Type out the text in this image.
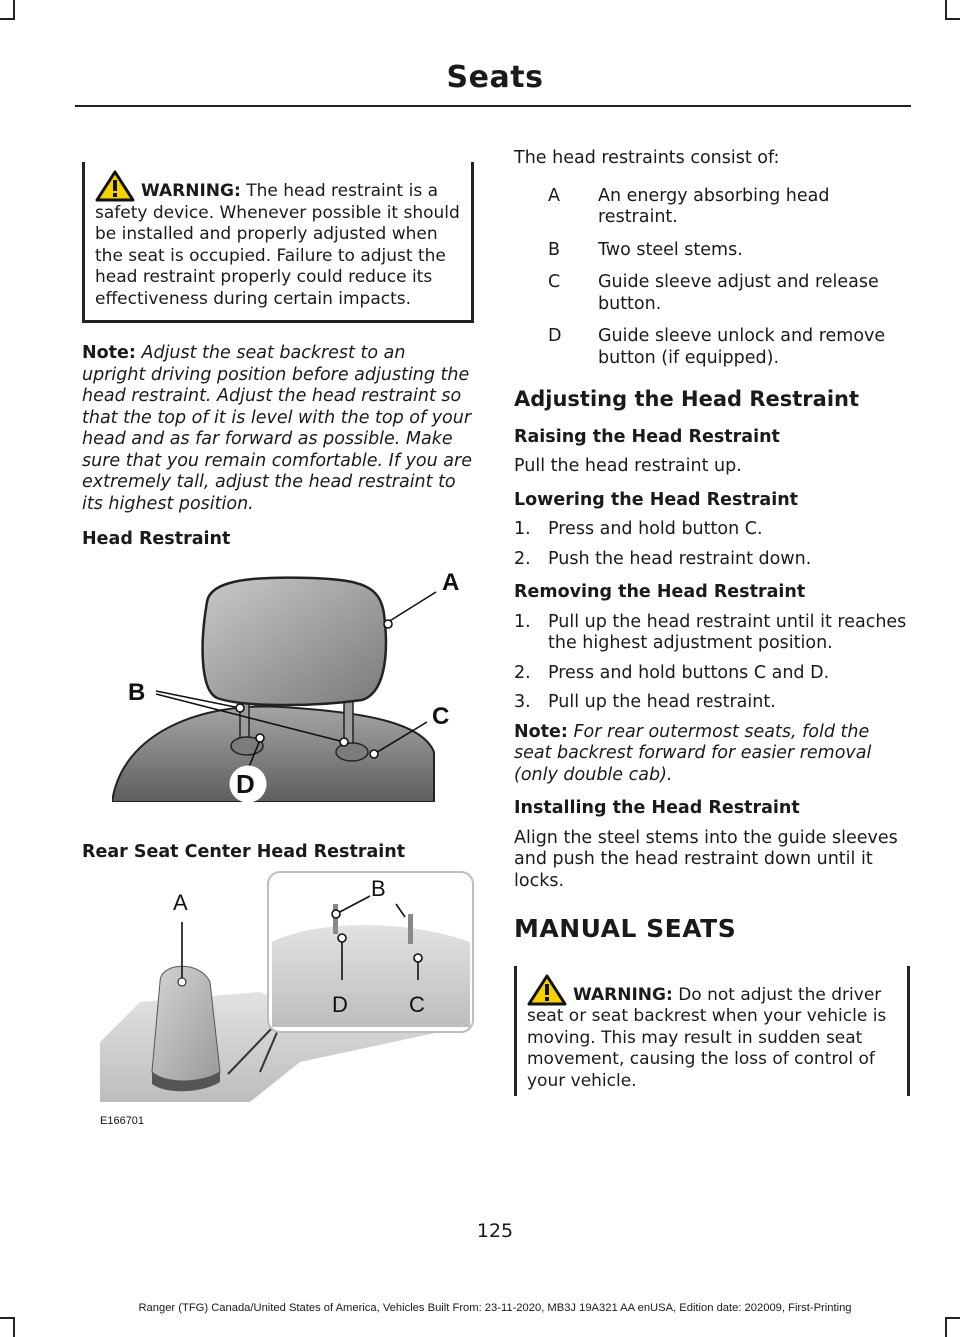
Seats
WARNING: The head restraint is a safety device. Whenever possible it should be installed and properly adjusted when the seat is occupied. Failure to adjust the head restraint properly could reduce its effectiveness during certain impacts.

Note: Adjust the seat backrest to an upright driving position before adjusting the head restraint. Adjust the head restraint so that the top of it is level with the top of your head and as far forward as possible. Make sure that you remain comfortable. If you are extremely tall, adjust the head restraint to its highest position.

Head Restraint
A
B
C
D
Rear Seat Center Head Restraint
A
B
D	C
E166701

The head restraints consist of:

A	An energy absorbing head restraint.
B	Two steel stems.
C	Guide sleeve adjust and release button.
D	Guide sleeve unlock and remove button (if equipped).
Adjusting the Head Restraint
Raising the Head Restraint

Pull the head restraint up.

Lowering the Head Restraint
1. Press and hold button C.
2. Push the head restraint down.
Removing the Head Restraint
1. Pull up the head restraint until it reaches the highest adjustment position.
2. Press and hold buttons C and D.
3. Pull up the head restraint.

Note: For rear outermost seats, fold the seat backrest forward for easier removal (only double cab).

Installing the Head Restraint

Align the steel stems into the guide sleeves and push the head restraint down until it locks.

MANUAL SEATS
WARNING: Do not adjust the driver seat or seat backrest when your vehicle is moving. This may result in sudden seat movement, causing the loss of control of your vehicle.
125
Ranger (TFG) Canada/United States of America, Vehicles Built From: 23-11-2020, MB3J 19A321 AA enUSA, Edition date: 202009, First-Printing
